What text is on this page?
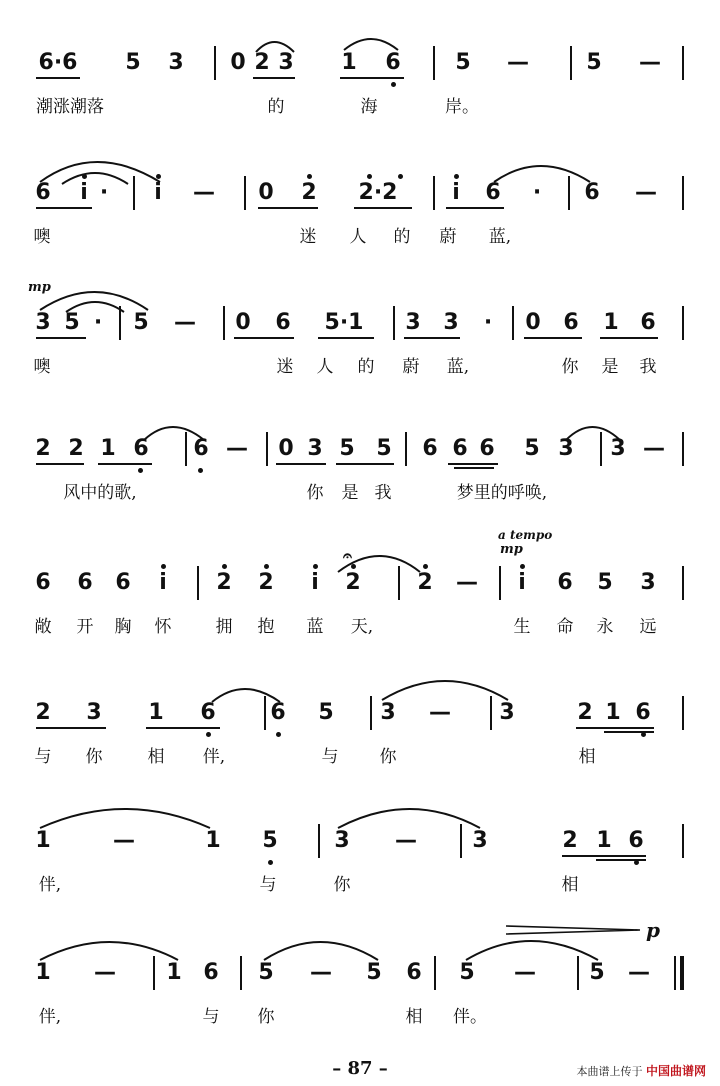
6·6 5 3 0 2 3 1 6 5 —	5 —
潮涨潮落	的	海	岸。
6 i · i — 0 2 2·2 i 6 · 6 —
噢	迷 人 的 蔚 蓝,
3 5 · 5 — 0 6 5·1 3 3 · 0 6 1 6
mp
噢	迷 人 的 蔚 蓝,	你 是 我
2 2 1 6 6 — 0 3 5 5 6 6 6 5 3 3 —
风中的歌,	你 是 我	梦里的呼唤,
6 6 6 i 2 2 i 2	2 — i 6 5 3
a tempo
mp
𝄐
敞 开 胸 怀	拥 抱 蓝 天,	生 命 永 远
2 3 1 6 6 5 3 — 3	2 1 6
与 你	相 伴,	与 你	相
1	—	1 5	3 —	3	2 1 6
伴,	与	你	相
1 — 1 6 5 — 5 6 5 — 5 —
p
伴,	与 你	相 伴。
– 87 –	本曲谱上传于 中国曲谱网
